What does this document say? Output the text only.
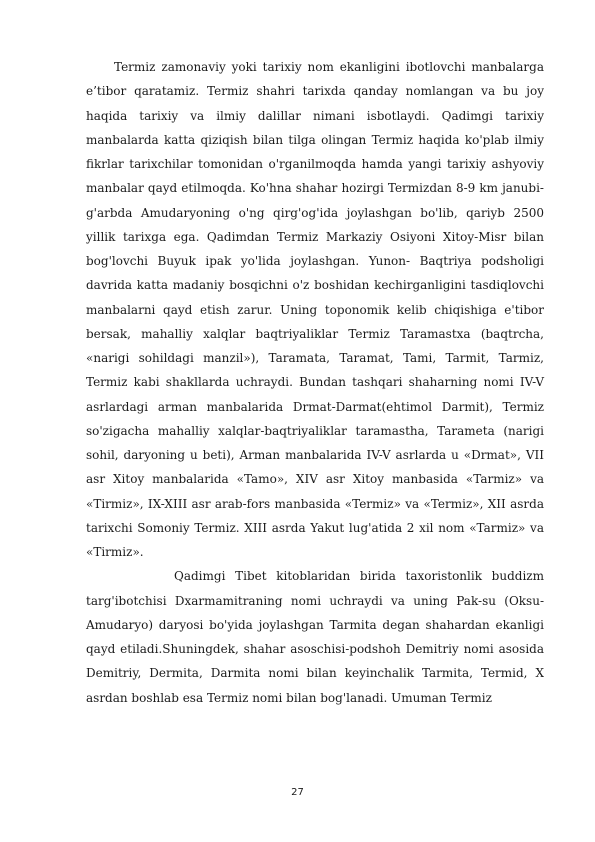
Termiz zamonaviy yoki tarixiy nom ekanligini ibotlovchi manbalarga e’tibor qaratamiz. Termiz shahri tarixda qanday nomlangan va bu joy haqida tarixiy va ilmiy dalillar nimani isbotlaydi. Qadimgi tarixiy manbalarda katta qiziqish bilan tilga olingan Termiz haqida ko'plab ilmiy fikrlar tarixchilar tomonidan o'rganilmoqda hamda yangi tarixiy ashyoviy manbalar qayd etilmoqda. Ko'hna shahar hozirgi Termizdan 8-9 km janubi-g'arbda Amudaryoning o'ng qirg'og'ida joylashgan bo'lib, qariyb 2500 yillik tarixga ega. Qadimdan Termiz Markaziy Osiyoni Xitoy-Misr bilan bog'lovchi Buyuk ipak yo'lida joylashgan. Yunon- Baqtriya podsholigi davrida katta madaniy bosqichni o'z boshidan kechirganligini tasdiqlovchi manbalarni qayd etish zarur. Uning toponomik kelib chiqishiga e'tibor bersak, mahalliy xalqlar baqtriyaliklar Termiz Taramastxa (baqtrcha, «narigi sohildagi manzil»), Taramata, Taramat, Tami, Tarmit, Tarmiz, Termiz kabi shakllarda uchraydi. Bundan tashqari shaharning nomi IV-V asrlardagi arman manbalarida Drmat-Darmat(ehtimol Darmit), Termiz so'zigacha mahalliy xalqlar-baqtriyaliklar taramastha, Tarameta (narigi sohil, daryoning u beti), Arman manbalarida IV-V asrlarda u «Drmat», VII asr Xitoy manbalarida «Tamo», XIV asr Xitoy manbasida «Tarmiz» va «Tirmiz», IX-XIII asr arab-fors manbasida «Termiz» va «Termiz», XII asrda tarixchi Somoniy Termiz. XIII asrda Yakut lug'atida 2 xil nom «Tarmiz» va «Tirmiz».

Qadimgi Tibet kitoblaridan birida taxoristonlik buddizm targ'ibotchisi Dxarmamitraning nomi uchraydi va uning Pak-su (Oksu-Amudaryo) daryosi bo'yida joylashgan Tarmita degan shahardan ekanligi qayd etiladi.Shuningdek, shahar asoschisi-podshoh Demitriy nomi asosida Demitriy, Dermita, Darmita nomi bilan keyinchalik Tarmita, Termid, X asrdan boshlab esa Termiz nomi bilan bog'lanadi. Umuman Termiz

27
